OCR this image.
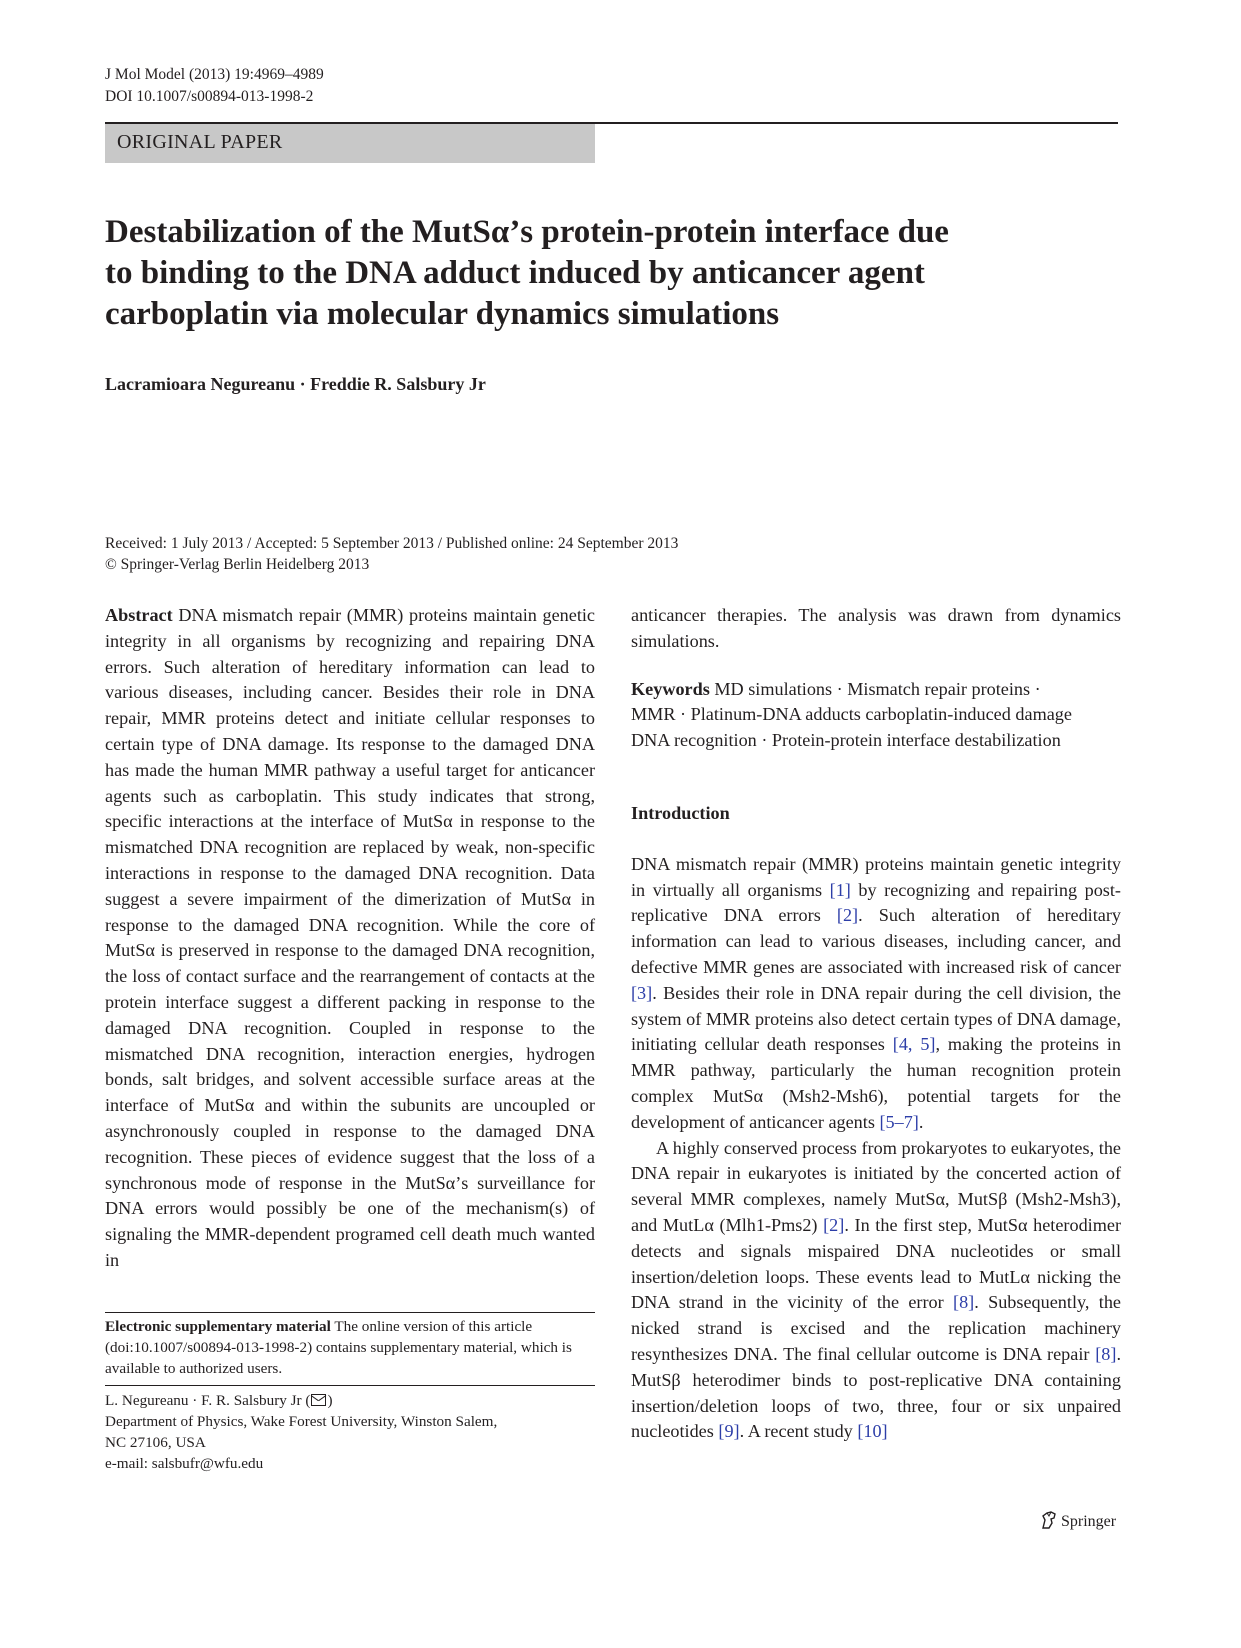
J Mol Model (2013) 19:4969–4989
DOI 10.1007/s00894-013-1998-2
ORIGINAL PAPER
Destabilization of the MutSα’s protein-protein interface due
to binding to the DNA adduct induced by anticancer agent
carboplatin via molecular dynamics simulations
Lacramioara Negureanu · Freddie R. Salsbury Jr
Received: 1 July 2013 / Accepted: 5 September 2013 / Published online: 24 September 2013
© Springer-Verlag Berlin Heidelberg 2013

Abstract DNA mismatch repair (MMR) proteins maintain genetic integrity in all organisms by recognizing and repairing DNA errors. Such alteration of hereditary information can lead to various diseases, including cancer. Besides their role in DNA repair, MMR proteins detect and initiate cellular responses to certain type of DNA damage. Its response to the damaged DNA has made the human MMR pathway a useful target for anticancer agents such as carboplatin. This study indicates that strong, specific interactions at the interface of MutSα in response to the mismatched DNA recognition are replaced by weak, non-specific interactions in response to the damaged DNA recognition. Data suggest a severe impairment of the dimerization of MutSα in response to the damaged DNA recognition. While the core of MutSα is preserved in response to the damaged DNA recognition, the loss of contact surface and the rearrangement of contacts at the protein interface suggest a different packing in response to the damaged DNA recognition. Coupled in response to the mismatched DNA recognition, interaction energies, hydrogen bonds, salt bridges, and solvent accessible surface areas at the interface of MutSα and within the subunits are uncoupled or asynchronously coupled in response to the damaged DNA recognition. These pieces of evidence suggest that the loss of a synchronous mode of response in the MutSα’s surveillance for DNA errors would possibly be one of the mechanism(s) of signaling the MMR-dependent programed cell death much wanted in

Electronic supplementary material The online version of this article (doi:10.1007/s00894-013-1998-2) contains supplementary material, which is available to authorized users.
L. Negureanu · F. R. Salsbury Jr ( )
Department of Physics, Wake Forest University, Winston Salem,
NC 27106, USA
e-mail: salsbufr@wfu.edu

anticancer therapies. The analysis was drawn from dynamics simulations.

Keywords MD simulations · Mismatch repair proteins ·
MMR · Platinum-DNA adducts carboplatin-induced damage
DNA recognition · Protein-protein interface destabilization

Introduction

DNA mismatch repair (MMR) proteins maintain genetic integrity in virtually all organisms [1] by recognizing and repairing post-replicative DNA errors [2]. Such alteration of hereditary information can lead to various diseases, including cancer, and defective MMR genes are associated with increased risk of cancer [3]. Besides their role in DNA repair during the cell division, the system of MMR proteins also detect certain types of DNA damage, initiating cellular death responses [4, 5], making the proteins in MMR pathway, particularly the human recognition protein complex MutSα (Msh2-Msh6), potential targets for the development of anticancer agents [5–7].

A highly conserved process from prokaryotes to eukaryotes, the DNA repair in eukaryotes is initiated by the concerted action of several MMR complexes, namely MutSα, MutSβ (Msh2-Msh3), and MutLα (Mlh1-Pms2) [2]. In the first step, MutSα heterodimer detects and signals mispaired DNA nucleotides or small insertion/deletion loops. These events lead to MutLα nicking the DNA strand in the vicinity of the error [8]. Subsequently, the nicked strand is excised and the replication machinery resynthesizes DNA. The final cellular outcome is DNA repair [8]. MutSβ heterodimer binds to post-replicative DNA containing insertion/deletion loops of two, three, four or six unpaired nucleotides [9]. A recent study [10]

Springer
